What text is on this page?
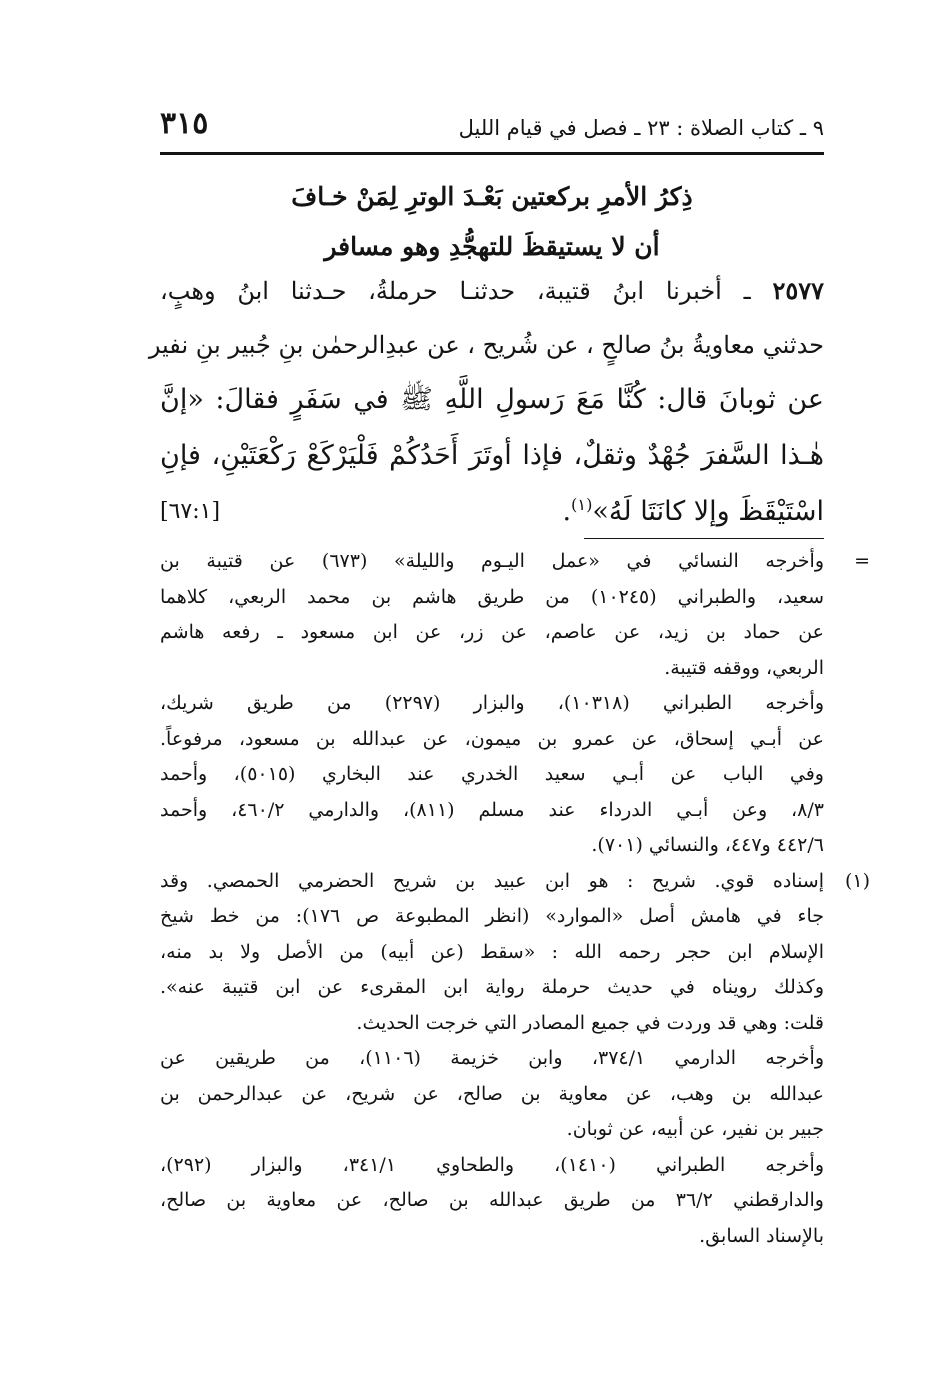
٩ ـ كتاب الصلاة : ٢٣ ـ فصل في قيام الليل
٣١٥
ذِكرُ الأمرِ بركعتين بَعْـدَ الوترِ لِمَنْ خـافَ
أن لا يستيقظَ للتهجُّدِ وهو مسافر
٢٥٧٧ ـ أخبرنا ابنُ قتيبة، حدثنـا حرملةُ، حـدثنا ابنُ وهبٍ،
حدثني معاويةُ بنُ صالحٍ ، عن شُريح ، عن عبدِالرحمٰن بنِ جُبير بنِ نفير
عن ثوبانَ قال: كُنَّا مَعَ رَسولِ اللَّهِ ﷺ في سَفَرٍ فقالَ: «إنَّ
هٰـذا السَّفرَ جُهْدٌ وثقلٌ، فإذا أوتَرَ أَحَدُكُمْ فَلْيَرْكَعْ رَكْعَتَيْنِ، فإنِ
اسْتَيْقَظَ وإلا كانَتَا لَهُ»$^{(١)}$.
[٦٧:١]
=
وأخرجه النسائي في «عمل اليـوم والليلة» (٦٧٣) عن قتيبة بن
سعيد، والطبراني (١٠٢٤٥) من طريق هاشم بن محمد الربعي، كلاهما
عن حماد بن زيد، عن عاصم، عن زر، عن ابن مسعود ـ رفعه هاشم
الربعي، ووقفه قتيبة.
وأخرجه الطبراني (١٠٣١٨)، والبزار (٢٢٩٧) من طريق شريك،
عن أبـي إسحاق، عن عمرو بن ميمون، عن عبدالله بن مسعود، مرفوعاً.
وفي الباب عن أبـي سعيد الخدري عند البخاري (٥٠١٥)، وأحمد
٨/٣، وعن أبـي الدرداء عند مسلم (٨١١)، والدارمي ٤٦٠/٢، وأحمد
٤٤٢/٦ و٤٤٧، والنسائي (٧٠١).
(١)
إسناده قوي. شريح : هو ابن عبيد بن شريح الحضرمي الحمصي. وقد
جاء في هامش أصل «الموارد» (انظر المطبوعة ص ١٧٦): من خط شيخ
الإسلام ابن حجر رحمه الله : «سقط (عن أبيه) من الأصل ولا بد منه،
وكذلك رويناه في حديث حرملة رواية ابن المقرىء عن ابن قتيبة عنه».
قلت: وهي قد وردت في جميع المصادر التي خرجت الحديث.
وأخرجه الدارمي ٣٧٤/١، وابن خزيمة (١١٠٦)، من طريقين عن
عبدالله بن وهب، عن معاوية بن صالح، عن شريح، عن عبدالرحمن بن
جبير بن نفير، عن أبيه، عن ثوبان.
وأخرجه الطبراني (١٤١٠)، والطحاوي ٣٤١/١، والبزار (٢٩٢)،
والدارقطني ٣٦/٢ من طريق عبدالله بن صالح، عن معاوية بن صالح،
بالإسناد السابق.
